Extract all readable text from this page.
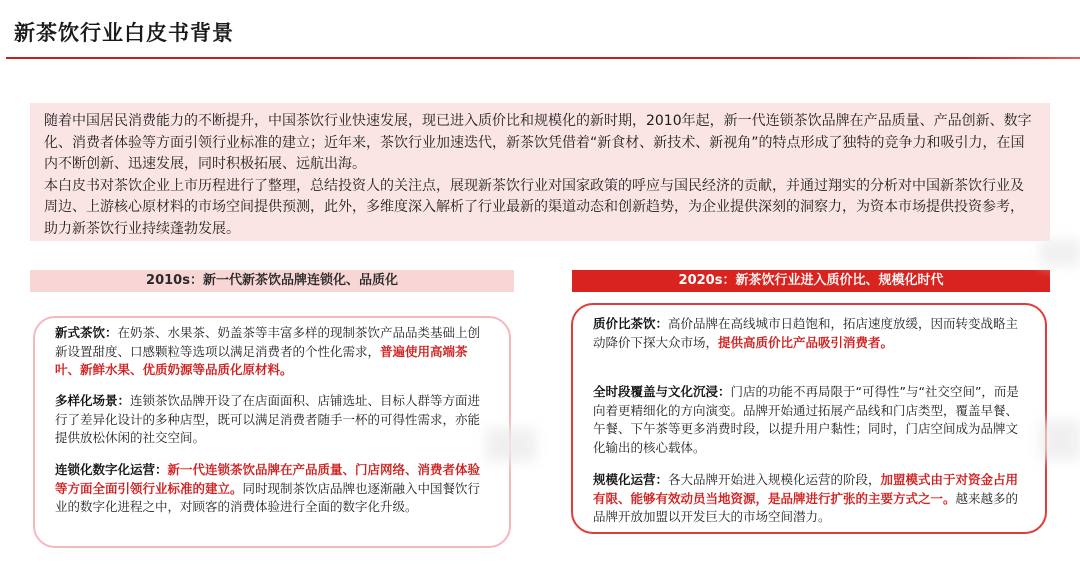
新茶饮行业白皮书背景

随着中国居民消费能力的不断提升，中国茶饮行业快速发展，现已进入质价比和规模化的新时期，2010年起，新一代连锁茶饮品牌在产品质量、产品创新、数字化、消费者体验等方面引领行业标准的建立；近年来，茶饮行业加速迭代，新茶饮凭借着“新食材、新技术、新视角”的特点形成了独特的竞争力和吸引力，在国内不断创新、迅速发展，同时积极拓展、远航出海。

本白皮书对茶饮企业上市历程进行了整理，总结投资人的关注点，展现新茶饮行业对国家政策的呼应与国民经济的贡献，并通过翔实的分析对中国新茶饮行业及周边、上游核心原材料的市场空间提供预测，此外，多维度深入解析了行业最新的渠道动态和创新趋势，为企业提供深刻的洞察力，为资本市场提供投资参考，助力新茶饮行业持续蓬勃发展。

2010s：新一代新茶饮品牌连锁化、品质化	2020s：新茶饮行业进入质价比、规模化时代
新式茶饮：在奶茶、水果茶、奶盖茶等丰富多样的现制茶饮产品品类基础上创新设置甜度、口感颗粒等选项以满足消费者的个性化需求，普遍使用高端茶叶、新鲜水果、优质奶源等品质化原材料。
多样化场景：连锁茶饮品牌开设了在店面面积、店铺选址、目标人群等方面进行了差异化设计的多种店型，既可以满足消费者随手一杯的可得性需求，亦能提供放松休闲的社交空间。
连锁化数字化运营：新一代连锁茶饮品牌在产品质量、门店网络、消费者体验等方面全面引领行业标准的建立。同时现制茶饮店品牌也逐渐融入中国餐饮行业的数字化进程之中，对顾客的消费体验进行全面的数字化升级。
质价比茶饮：高价品牌在高线城市日趋饱和，拓店速度放缓，因而转变战略主动降价下探大众市场，提供高质价比产品吸引消费者。
全时段覆盖与文化沉浸：门店的功能不再局限于“可得性”与“社交空间”，而是向着更精细化的方向演变。品牌开始通过拓展产品线和门店类型，覆盖早餐、午餐、下午茶等更多消费时段，以提升用户黏性；同时，门店空间成为品牌文化输出的核心载体。
规模化运营：各大品牌开始进入规模化运营的阶段，加盟模式由于对资金占用有限、能够有效动员当地资源，是品牌进行扩张的主要方式之一。越来越多的品牌开放加盟以开发巨大的市场空间潜力。
